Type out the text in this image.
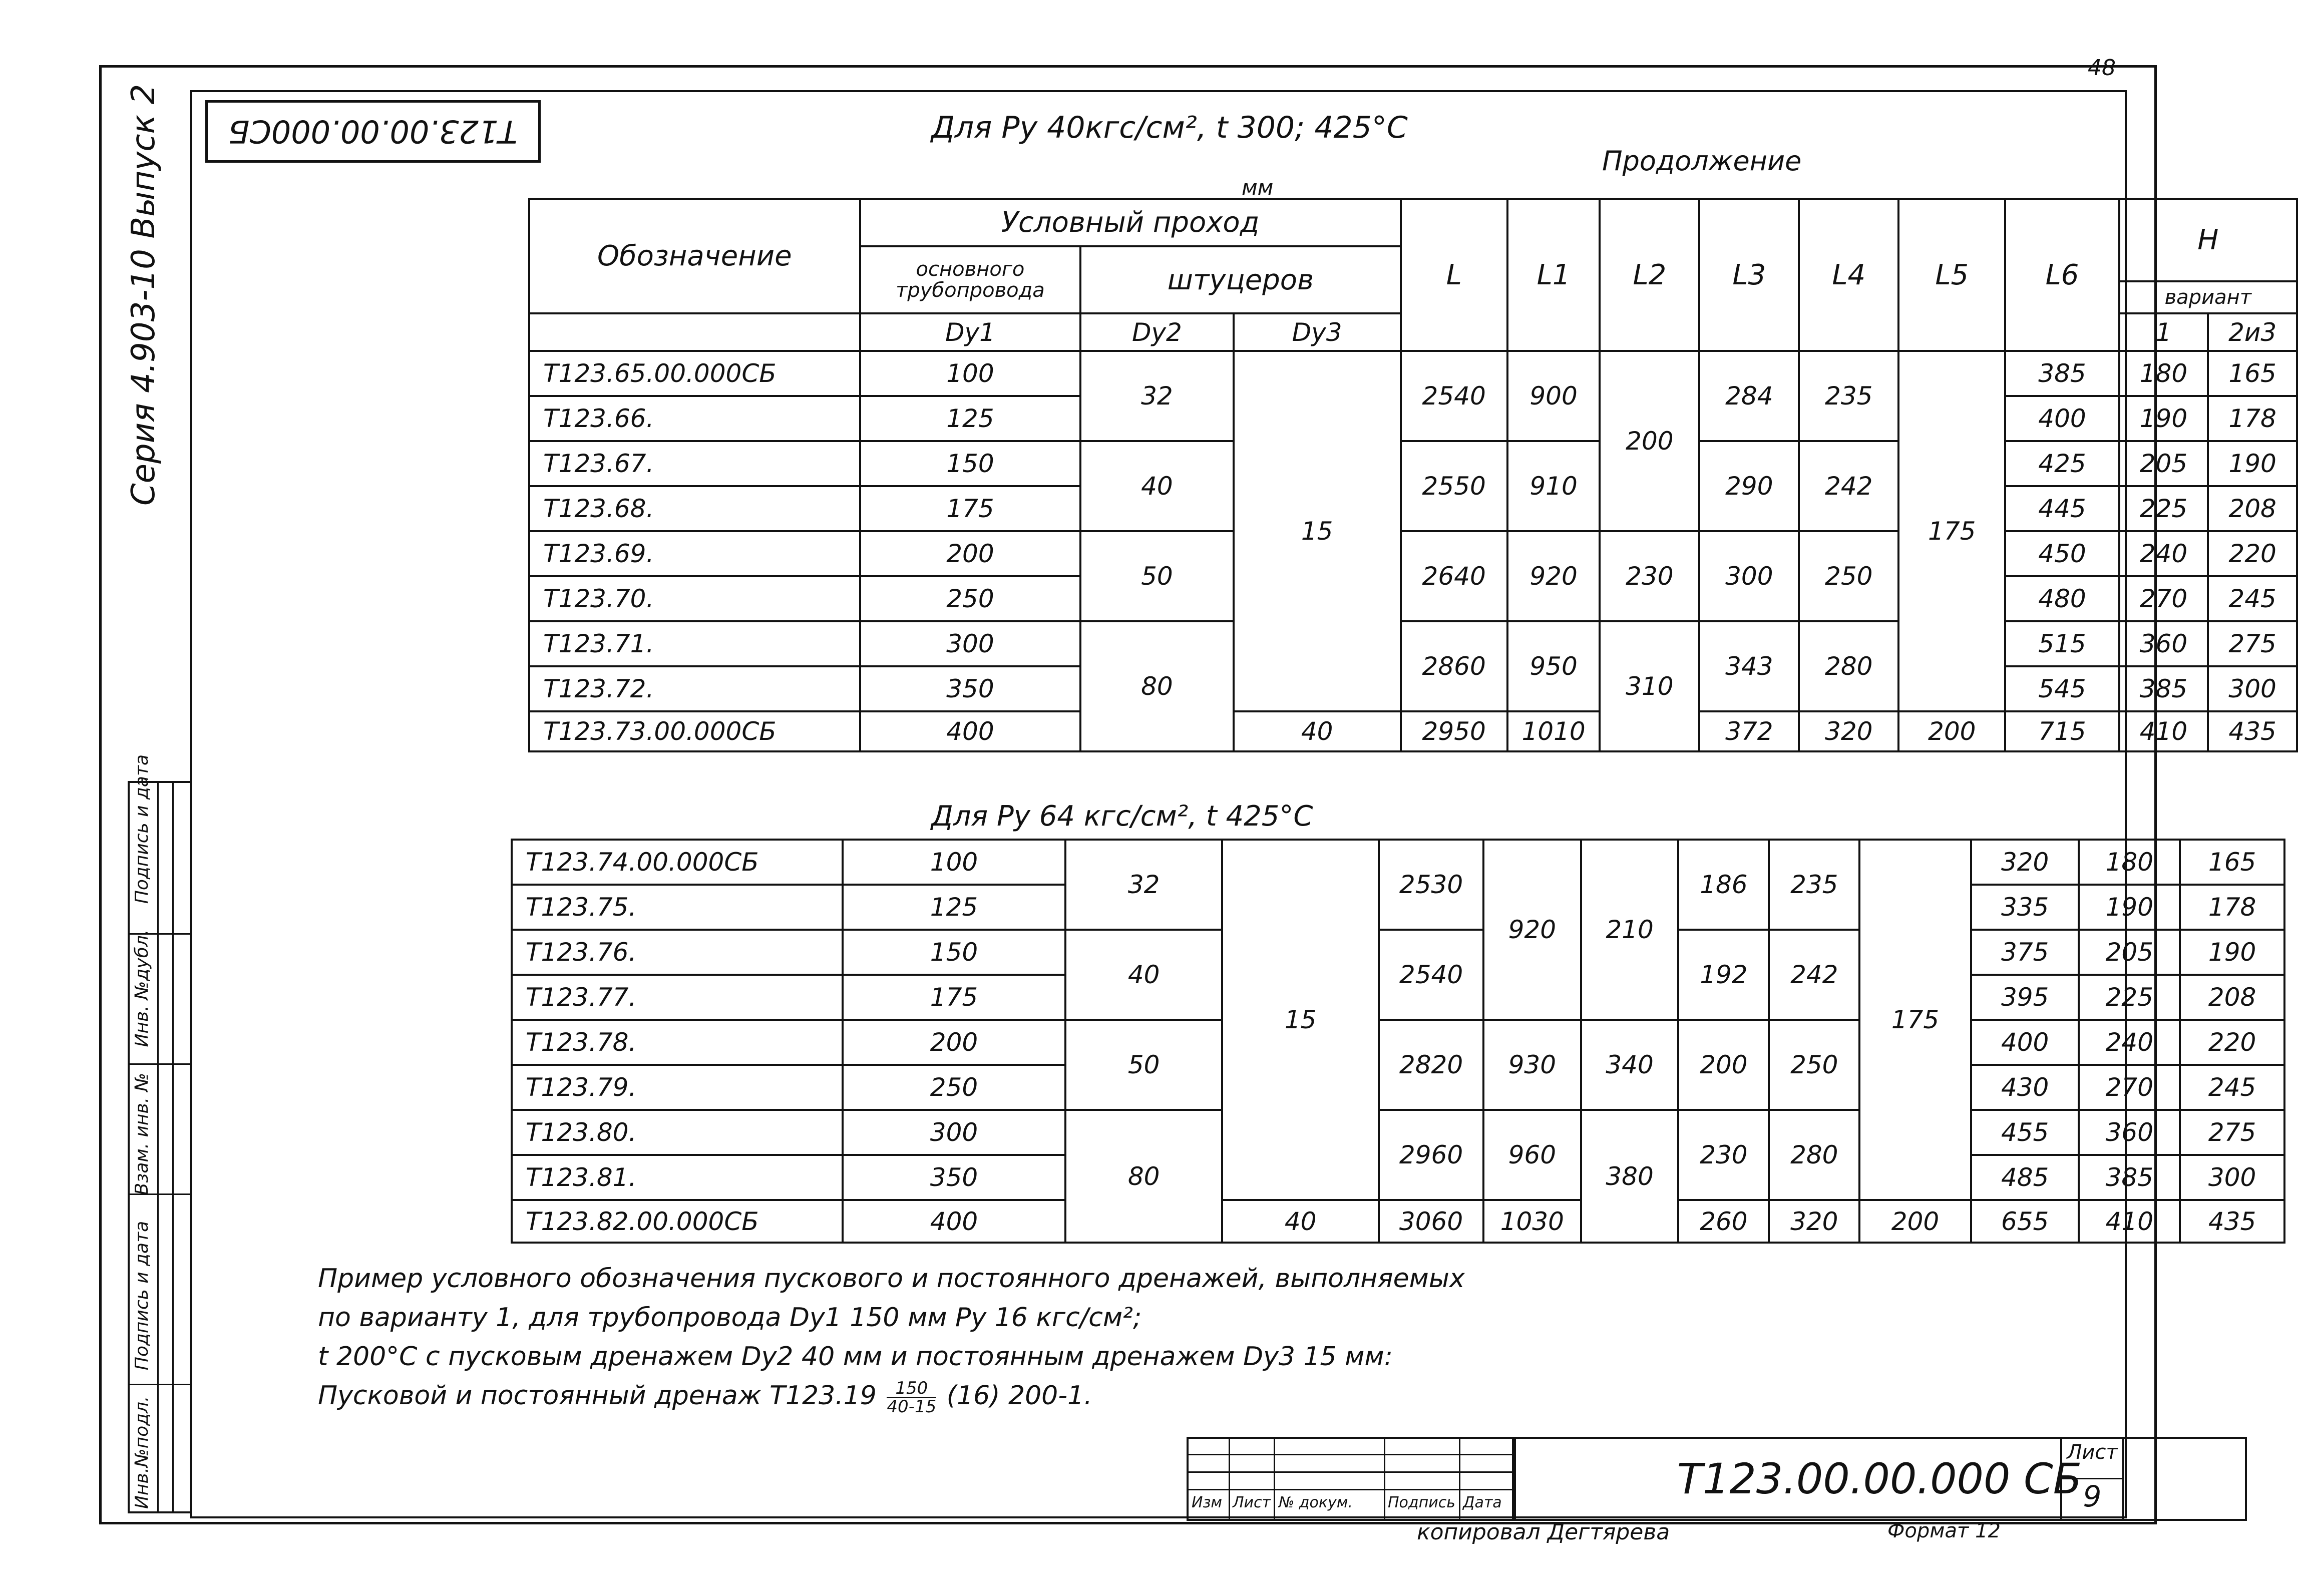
48
Т123.00.00.000СБ
Серия 4.903-10 Выпуск 2
Инв.№подл. Подпись и дата Взам. инв. № Инв. №дубл. Подпись и дата
Для Ру 40кгс/см², t 300; 425°С
Продолжение
мм
Обозначение	Условный проход			L	L1	L2	L3	L4	L5	L6	H	
	основного трубопровода	штуцеров										
											вариант	
	Dу1	Dу2	Dу3								1	2и3
Т123.65.00.000СБ	100	32	15	2540	900	200	284	235	175	385	180	165
Т123.66.	125									400	190	178
Т123.67.	150	40		2550	910		290	242		425	205	190
Т123.68.	175									445	225	208
Т123.69.	200	50		2640	920	230	300	250		450	240	220
Т123.70.	250									480	270	245
Т123.71.	300	80		2860	950	310	343	280		515	360	275
Т123.72.	350									545	385	300
Т123.73.00.000СБ	400		40	2950	1010		372	320	200	715	410	435
Для Ру 64 кгс/см², t 425°С
Т123.74.00.000СБ	100	32	15	2530	920	210	186	235	175	320	180	165
Т123.75.	125									335	190	178
Т123.76.	150	40		2540			192	242		375	205	190
Т123.77.	175									395	225	208
Т123.78.	200	50		2820	930	340	200	250		400	240	220
Т123.79.	250									430	270	245
Т123.80.	300	80		2960	960	380	230	280		455	360	275
Т123.81.	350									485	385	300
Т123.82.00.000СБ	400		40	3060	1030		260	320	200	655	410	435
Пример условного обозначения пускового и постоянного дренажей, выполняемых
по варианту 1, для трубопровода Dу1 150 мм Ру 16 кгс/см²;
t 200°С с пусковым дренажем Dу2 40 мм и постоянным дренажем Dу3 15 мм:
Пусковой и постоянный дренаж $Т123.19 \frac{150}{40-15} (16)$ 200-1.
Изм Лист № докум. Подпись Дата	Т123.00.00.000 СБ
Лист
9
копировал Дегтярева	Формат 12
